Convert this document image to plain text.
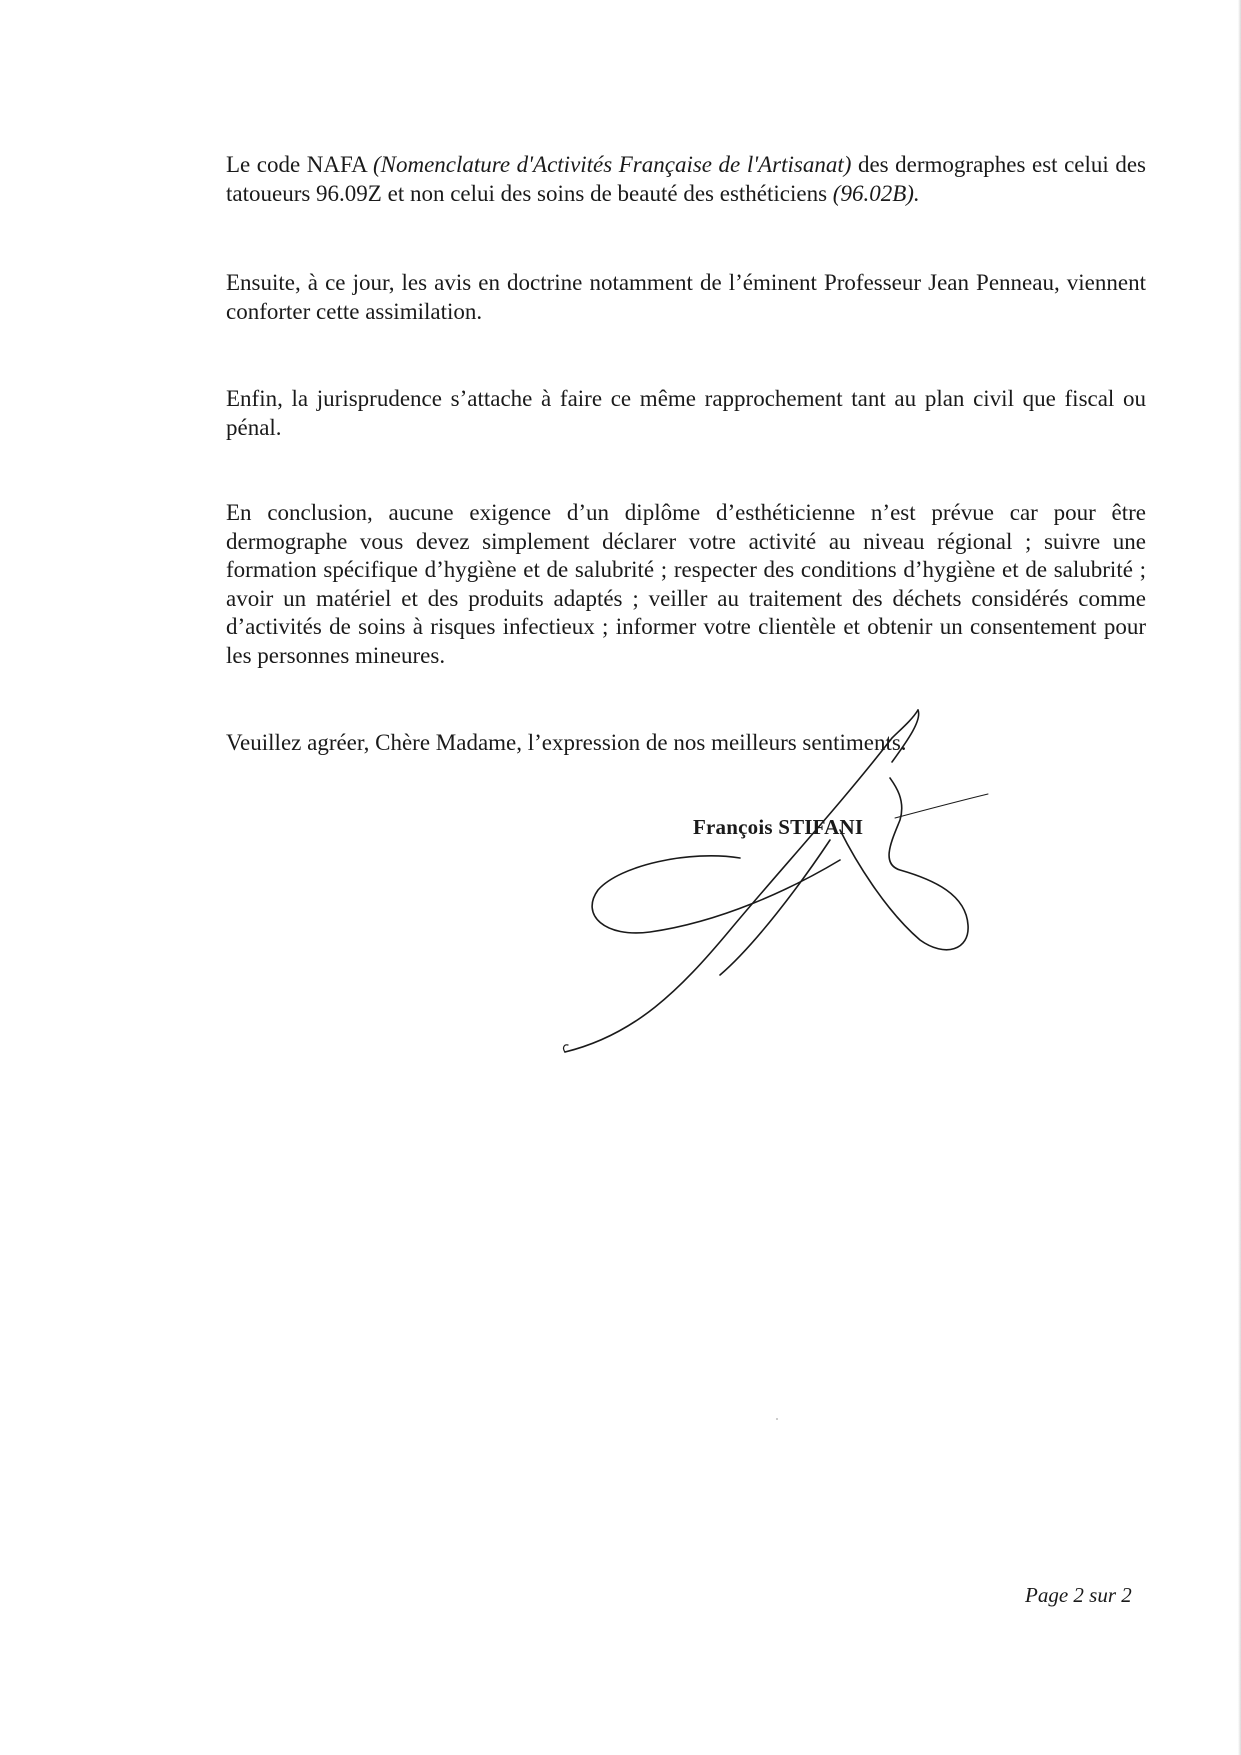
Le code NAFA (Nomenclature d'Activités Française de l'Artisanat) des dermographes est celui des tatoueurs 96.09Z et non celui des soins de beauté des esthéticiens (96.02B).

Ensuite, à ce jour, les avis en doctrine notamment de l’éminent Professeur Jean Penneau, viennent conforter cette assimilation.

Enfin, la jurisprudence s’attache à faire ce même rapprochement tant au plan civil que fiscal ou pénal.

En conclusion, aucune exigence d’un diplôme d’esthéticienne n’est prévue car pour être dermographe vous devez simplement déclarer votre activité au niveau régional ; suivre une formation spécifique d’hygiène et de salubrité ; respecter des conditions d’hygiène et de salubrité ; avoir un matériel et des produits adaptés ; veiller au traitement des déchets considérés comme d’activités de soins à risques infectieux ; informer votre clientèle et obtenir un consentement pour les personnes mineures.

Veuillez agréer, Chère Madame, l’expression de nos meilleurs sentiments.

François STIFANI

Page 2 sur 2
